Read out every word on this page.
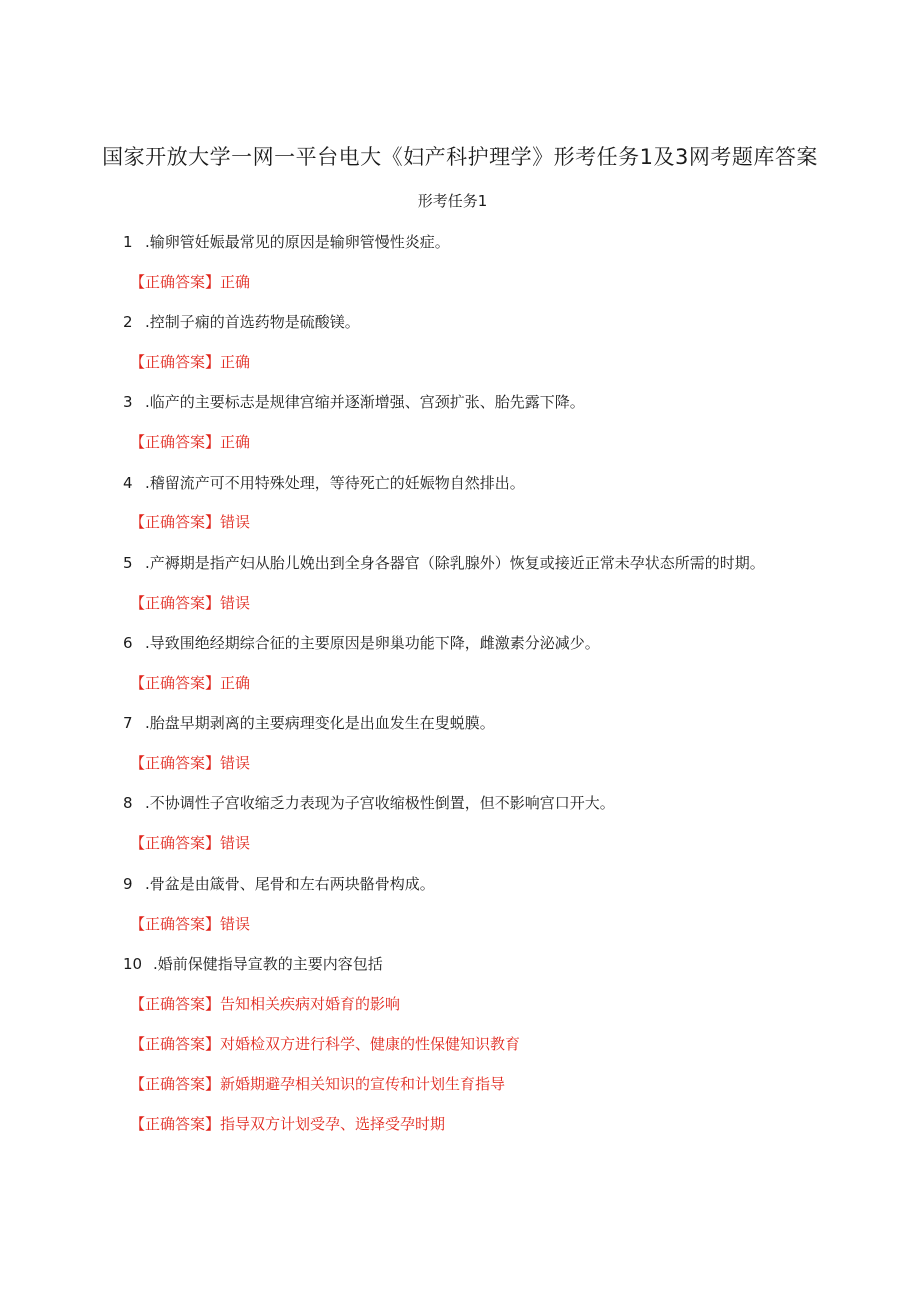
国家开放大学一网一平台电大《妇产科护理学》形考任务1及3网考题库答案
形考任务1
1 .输卵管妊娠最常见的原因是输卵管慢性炎症。
【正确答案】正确
2 .控制子痫的首选药物是硫酸镁。
【正确答案】正确
3 .临产的主要标志是规律宫缩并逐渐增强、宫颈扩张、胎先露下降。
【正确答案】正确
4 .稽留流产可不用特殊处理，等待死亡的妊娠物自然排出。
【正确答案】错误
5 .产褥期是指产妇从胎儿娩出到全身各器官（除乳腺外）恢复或接近正常未孕状态所需的时期。
【正确答案】错误
6 .导致围绝经期综合征的主要原因是卵巢功能下降，雌激素分泌减少。
【正确答案】正确
7 .胎盘早期剥离的主要病理变化是出血发生在叟蜕膜。
【正确答案】错误
8 .不协调性子宫收缩乏力表现为子宫收缩极性倒置，但不影响宫口开大。
【正确答案】错误
9 .骨盆是由箴骨、尾骨和左右两块骼骨构成。
【正确答案】错误
10 .婚前保健指导宣教的主要内容包括
【正确答案】告知相关疾病对婚育的影响
【正确答案】对婚检双方进行科学、健康的性保健知识教育
【正确答案】新婚期避孕相关知识的宣传和计划生育指导
【正确答案】指导双方计划受孕、选择受孕时期
